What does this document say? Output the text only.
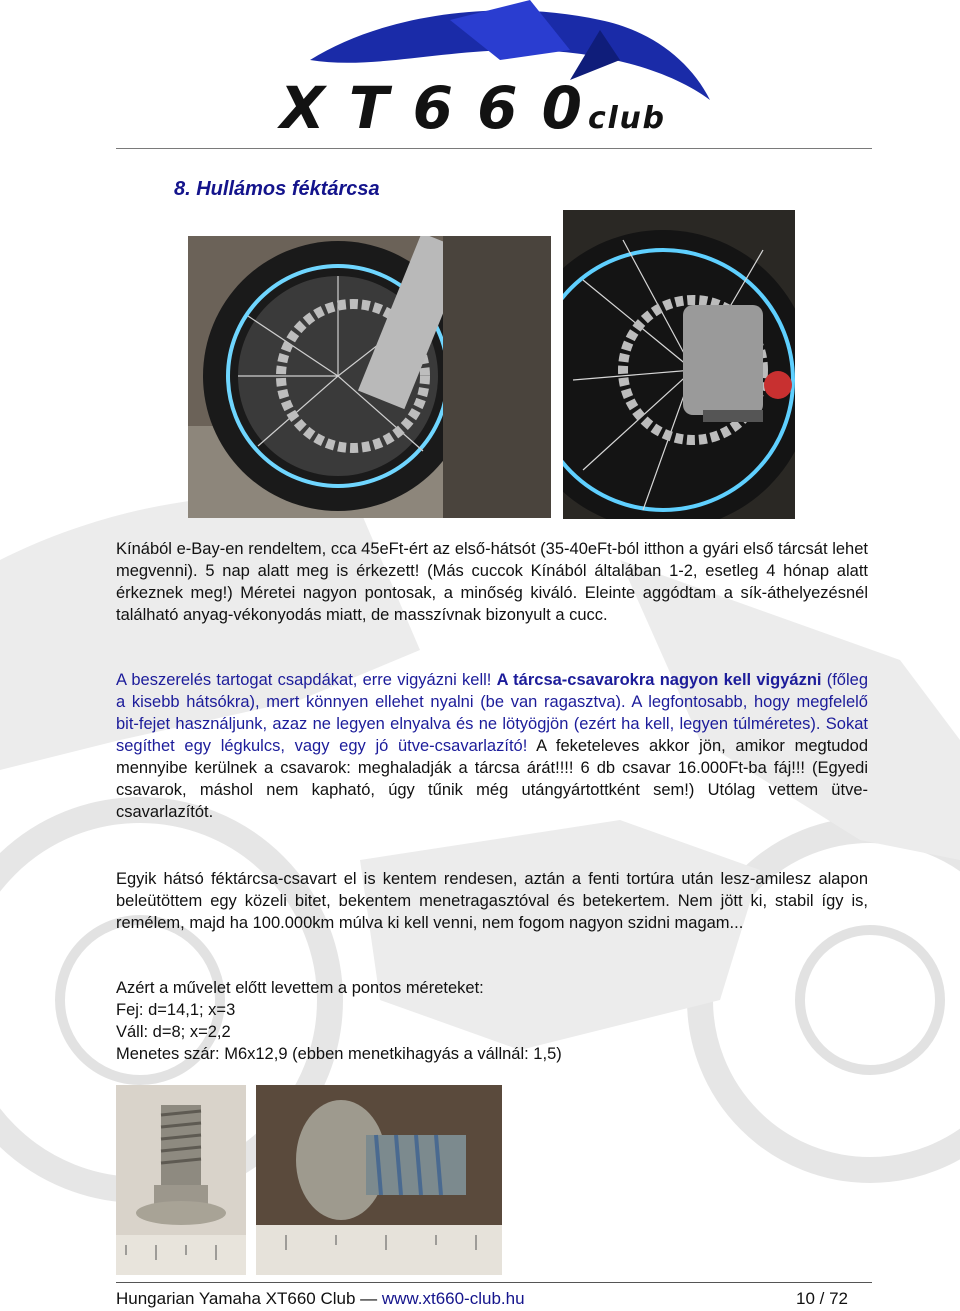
XT660 club
XT660club
8. Hullámos féktárcsa

Kínából e-Bay-en rendeltem, cca 45eFt-ért az első-hátsót (35-40eFt-ból itthon a gyári első tárcsát lehet megvenni). 5 nap alatt meg is érkezett! (Más cuccok Kínából általában 1-2, esetleg 4 hónap alatt érkeznek meg!) Méretei nagyon pontosak, a minőség kiváló. Eleinte aggódtam a sík-áthelyezésnél található anyag-vékonyodás miatt, de masszívnak bizonyult a cucc.

A beszerelés tartogat csapdákat, erre vigyázni kell! A tárcsa-csavarokra nagyon kell vigyázni (főleg a kisebb hátsókra), mert könnyen ellehet nyalni (be van ragasztva). A legfontosabb, hogy megfelelő bit-fejet használjunk, azaz ne legyen elnyalva és ne lötyögjön (ezért ha kell, legyen túlméretes). Sokat segíthet egy légkulcs, vagy egy jó ütve-csavarlazító! A feketeleves akkor jön, amikor megtudod mennyibe kerülnek a csavarok: meghaladják a tárcsa árát!!!! 6 db csavar 16.000Ft-ba fáj!!! (Egyedi csavarok, máshol nem kapható, úgy tűnik még utángyártottként sem!) Utólag vettem ütve-csavarlazítót.

Egyik hátsó féktárcsa-csavart el is kentem rendesen, aztán a fenti tortúra után lesz-amilesz alapon beleütöttem egy közeli bitet, bekentem menetragasztóval és betekertem. Nem jött ki, stabil így is, remélem, majd ha 100.000km múlva ki kell venni, nem fogom nagyon szidni magam...

Azért a művelet előtt levettem a pontos méreteket:

Fej: d=14,1; x=3

Váll: d=8; x=2,2

Menetes szár: M6x12,9 (ebben menetkihagyás a vállnál: 1,5)

Hungarian Yamaha XT660 Club — www.xt660-club.hu	10 / 72
